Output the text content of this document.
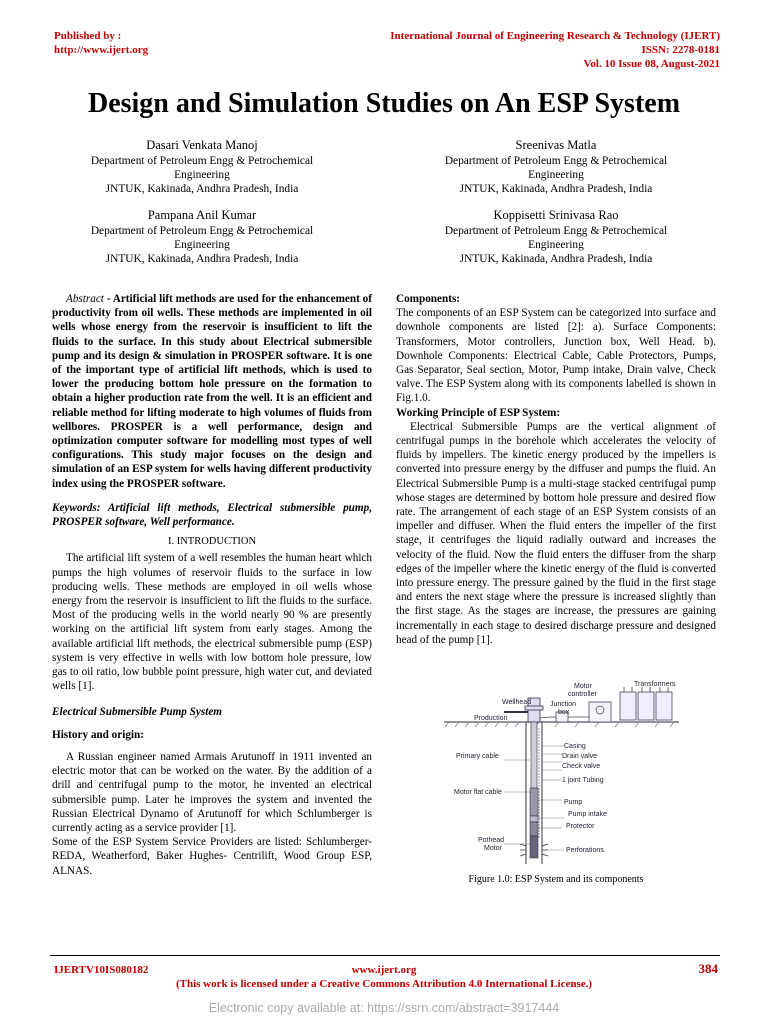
Published by :
http://www.ijert.org
International Journal of Engineering Research & Technology (IJERT)
ISSN: 2278-0181
Vol. 10 Issue 08, August-2021
Design and Simulation Studies on An ESP System
Dasari Venkata Manoj
Department of Petroleum Engg & Petrochemical
Engineering
JNTUK, Kakinada, Andhra Pradesh, India
Sreenivas Matla
Department of Petroleum Engg & Petrochemical
Engineering
JNTUK, Kakinada, Andhra Pradesh, India
Pampana Anil Kumar
Department of Petroleum Engg & Petrochemical
Engineering
JNTUK, Kakinada, Andhra Pradesh, India
Koppisetti Srinivasa Rao
Department of Petroleum Engg & Petrochemical
Engineering
JNTUK, Kakinada, Andhra Pradesh, India

Abstract - Artificial lift methods are used for the enhancement of productivity from oil wells. These methods are implemented in oil wells whose energy from the reservoir is insufficient to lift the fluids to the surface. In this study about Electrical submersible pump and its design & simulation in PROSPER software. It is one of the important type of artificial lift methods, which is used to lower the producing bottom hole pressure on the formation to obtain a higher production rate from the well. It is an efficient and reliable method for lifting moderate to high volumes of fluids from wellbores. PROSPER is a well performance, design and optimization computer software for modelling most types of well configurations. This study major focuses on the design and simulation of an ESP system for wells having different productivity index using the PROSPER software.

Keywords: Artificial lift methods, Electrical submersible pump, PROSPER software, Well performance.

I. INTRODUCTION

The artificial lift system of a well resembles the human heart which pumps the high volumes of reservoir fluids to the surface in low producing wells. These methods are employed in oil wells whose energy from the reservoir is insufficient to lift the fluids to the surface. Most of the producing wells in the world nearly 90 % are presently working on the artificial lift system from early stages. Among the available artificial lift methods, the electrical submersible pump (ESP) system is very effective in wells with low bottom hole pressure, low gas to oil ratio, low bubble point pressure, high water cut, and deviated wells [1].

Electrical Submersible Pump System
History and origin:

A Russian engineer named Armais Arutunoff in 1911 invented an electric motor that can be worked on the water. By the addition of a drill and centrifugal pump to the motor, he invented an electrical submersible pump. Later he improves the system and invented the Russian Electrical Dynamo of Arutunoff for which Schlumberger is currently acting as a service provider [1].

Some of the ESP System Service Providers are listed: Schlumberger- REDA, Weatherford, Baker Hughes- Centrilift, Wood Group ESP, ALNAS.

Components:

The components of an ESP System can be categorized into surface and downhole components are listed [2]: a). Surface Components: Transformers, Motor controllers, Junction box, Well Head. b). Downhole Components: Electrical Cable, Cable Protectors, Pumps, Gas Separator, Seal section, Motor, Pump intake, Drain valve, Check valve. The ESP System along with its components labelled is shown in Fig.1.0.

Working Principle of ESP System:

Electrical Submersible Pumps are the vertical alignment of centrifugal pumps in the borehole which accelerates the velocity of fluids by impellers. The kinetic energy produced by the impellers is converted into pressure energy by the diffuser and pumps the fluid. An Electrical Submersible Pump is a multi-stage stacked centrifugal pump whose stages are determined by bottom hole pressure and desired flow rate. The arrangement of each stage of an ESP System consists of an impeller and diffuser. When the fluid enters the impeller of the first stage, it centrifuges the liquid radially outward and increases the velocity of the fluid. Now the fluid enters the diffuser from the sharp edges of the impeller where the kinetic energy of the fluid is converted into pressure energy. The pressure gained by the fluid in the first stage and enters the next stage where the pressure is increased slightly than the first stage. As the stages are increase, the pressures are gaining incrementally in each stage to desired discharge pressure and designed head of the pump [1].

Transformers
Motor
controller
Wellhead	Junction
box
Production
Casing
Primary cable	Drain valve
Check valve
1 joint Tubing
Motor flat cable
Pump
Pump intake
Protector
Pothead
Motor	Perforations.
Figure 1.0: ESP System and its components
IJERTV10IS080182	www.ijert.org	384
(This work is licensed under a Creative Commons Attribution 4.0 International License.)
Electronic copy available at: https://ssrn.com/abstract=3917444
